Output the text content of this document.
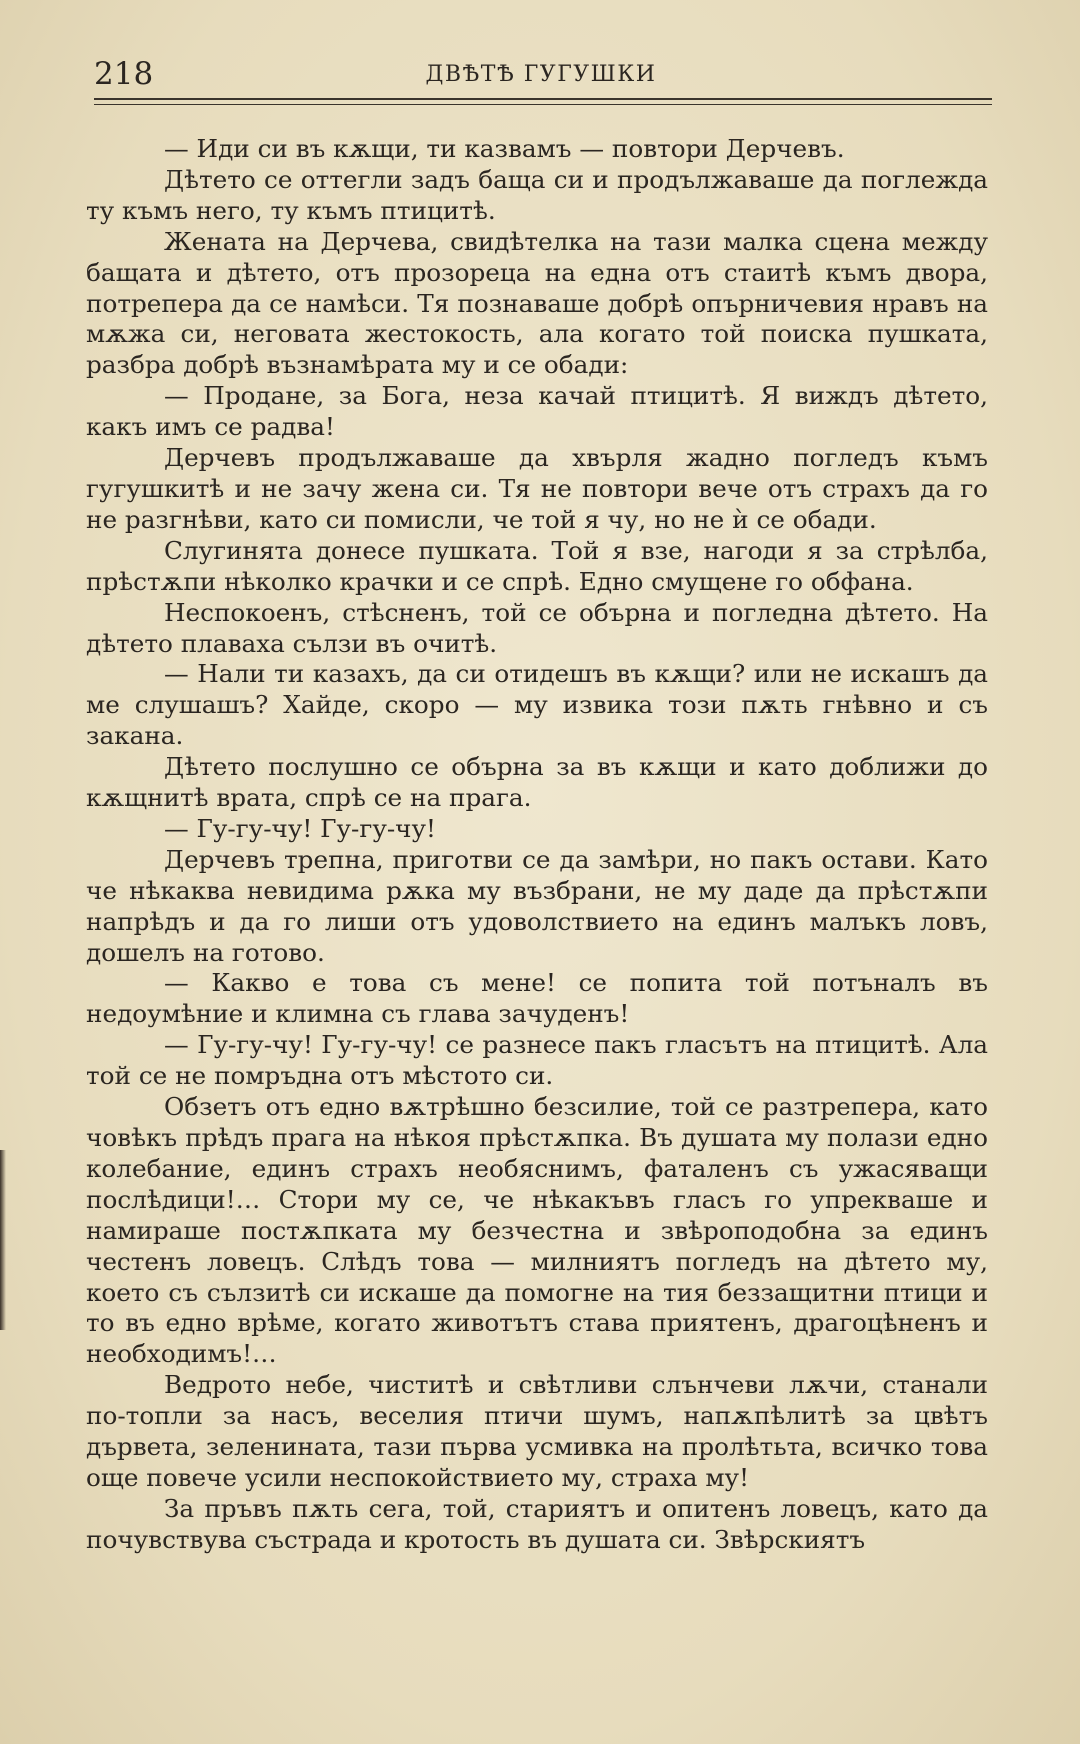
218	ДВѢТѢ ГУГУШКИ

— Иди си въ кѫщи, ти казвамъ — повтори Дерчевъ.

Дѣтето се оттегли задъ баща си и продължаваше да поглежда ту къмъ него, ту къмъ птицитѣ.

Жената на Дерчева, свидѣтелка на тази малка сцена между бащата и дѣтето, отъ прозореца на една отъ стаитѣ къмъ двора, потрепера да се намѣси. Тя познаваше добрѣ опърничевия нравъ на мѫжа си, неговата жестокость, ала когато той поиска пушката, разбра добрѣ възнамѣрата му и се обади:

— Продане, за Бога, неза качай птицитѣ. Я виждъ дѣтето, какъ имъ се радва!

Дерчевъ продължаваше да хвърля жадно погледъ къмъ гугушкитѣ и не зачу жена си. Тя не повтори вече отъ страхъ да го не разгнѣви, като си помисли, че той я чу, но не ѝ се обади.

Слугинята донесе пушката. Той я взе, нагоди я за стрѣлба, прѣстѫпи нѣколко крачки и се спрѣ. Едно смущене го обфана.

Неспокоенъ, стѣсненъ, той се обърна и погледна дѣтето. На дѣтето плаваха сълзи въ очитѣ.

— Нали ти казахъ, да си отидешъ въ кѫщи? или не искашъ да ме слушашъ? Хайде, скоро — му извика този пѫть гнѣвно и съ закана.

Дѣтето послушно се обърна за въ кѫщи и като доближи до кѫщнитѣ врата, спрѣ се на прага.

— Гу-гу-чу! Гу-гу-чу!

Дерчевъ трепна, приготви се да замѣри, но пакъ остави. Като че нѣкаква невидима рѫка му възбрани, не му даде да прѣстѫпи напрѣдъ и да го лиши отъ удоволствието на единъ малъкъ ловъ, дошелъ на готово.

— Какво е това съ мене! се попита той потъналъ въ недоумѣние и климна съ глава зачуденъ!

— Гу-гу-чу! Гу-гу-чу! се разнесе пакъ гласътъ на птицитѣ. Ала той се не помръдна отъ мѣстото си.

Обзетъ отъ едно вѫтрѣшно безсилие, той се разтрепера, като човѣкъ прѣдъ прага на нѣкоя прѣстѫпка. Въ душата му полази едно колебание, единъ страхъ необяснимъ, фаталенъ съ ужасяващи послѣдици!… Стори му се, че нѣкакъвъ гласъ го упрекваше и намираше постѫпката му безчестна и звѣроподобна за единъ честенъ ловецъ. Слѣдъ това — милниятъ погледъ на дѣтето му, което съ сълзитѣ си искаше да помогне на тия беззащитни птици и то въ едно врѣме, когато животътъ става приятенъ, драгоцѣненъ и необходимъ!…

Ведрото небе, чиститѣ и свѣтливи слънчеви лѫчи, станали по-топли за насъ, веселия птичи шумъ, напѫпѣлитѣ за цвѣтъ дървета, зеленината, тази първа усмивка на пролѣтьта, всичко това още повече усили неспокойствието му, страха му!

За пръвъ пѫть сега, той, стариятъ и опитенъ ловецъ, като да почувствува състрада и кротость въ душата си. Звѣрскиятъ
